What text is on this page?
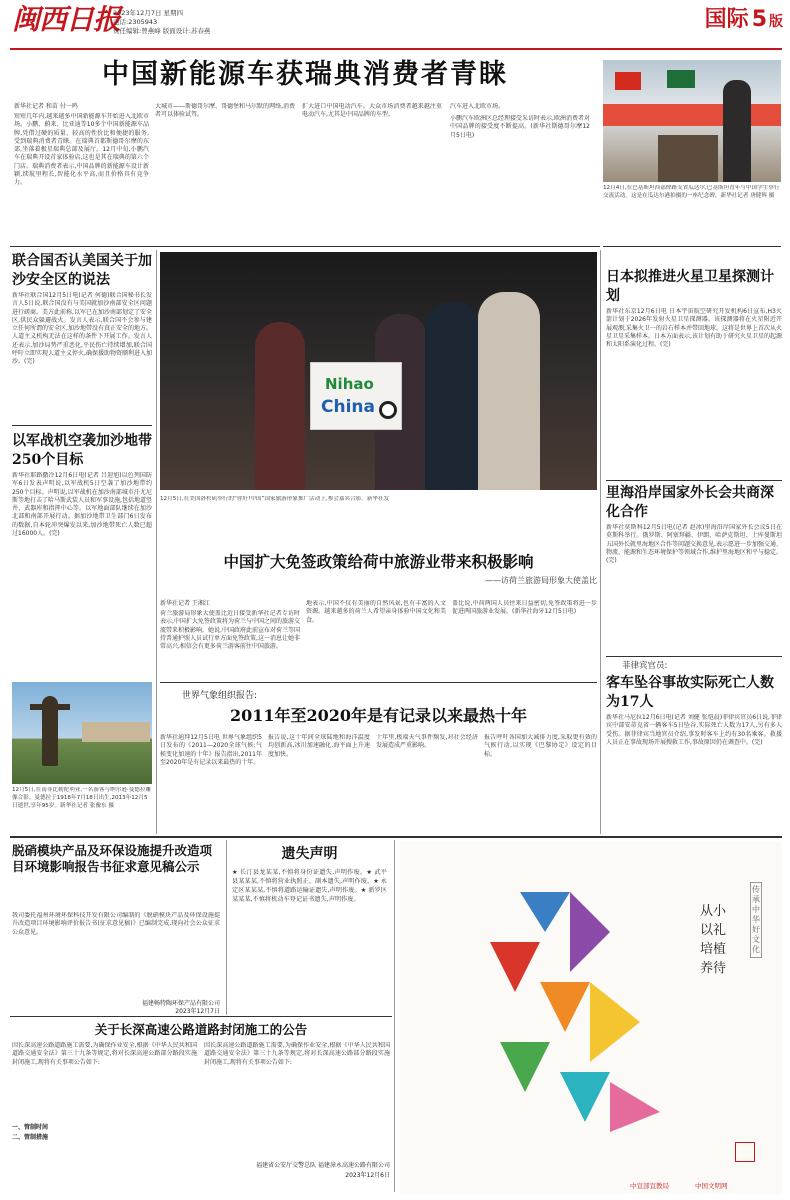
闽西日报
2023年12月7日 星期四
电话:2305943
责任编辑:曾燕峰 版面设计:苏春燕	国际 5 版
中国新能源车获瑞典消费者青睐
新华社记者 和苗 付一鸣
短短几年内,越来越多中国新能源车开始进入北欧市场。小鹏、蔚来、比亚迪等10多个中国新能源车品牌,凭借过硬的质量、较高的性价比和便捷的服务,受到瑞典消费者青睐。在瑞典首都斯德哥尔摩的东郊,坐落着极星瑞典总部及展厅。12月中旬,小鹏汽车在瑞典开设首家体验店,这也是其在瑞典的第六个门店。瑞典消费者表示,中国品牌的新能源车设计新颖,续航里程长,智能化水平高,而且价格具有竞争力。
大城市——斯德哥尔摩、哥德堡和马尔默的网络,消费者可以体验试驾。
扩大进口中国电动汽车。大众市场消费者越来越注重电动汽车,尤其是中国品牌的车型。
汽车进入北欧市场。
小鹏汽车欧洲区总经理接受采访时表示,欧洲消费者对中国品牌的接受度不断提高。(新华社斯德哥尔摩12月5日电)
12月4日,在巴基斯坦西部俾路支省瓜达尔,巴基斯坦青年与中国学生举行交流活动。这是在瓜达尔港拍摄的一座纪念碑。新华社记者 唐健辉 摄
联合国否认美国关于加沙安全区的说法
新华社联合国12月5日电(记者 何德)联合国秘书长发言人5日说,联合国没有与美国就加沙南部安全区问题进行磋商。美方此前称,以军已在加沙南部划定了安全区,供民众躲避战火。发言人表示,联合国不会参与建立任何所谓的安全区,加沙地带没有真正安全的地方。人道主义机构无法在这样的条件下开展工作。发言人还表示,加沙局势严重恶化,平民伤亡持续增加,联合国呼吁立即实现人道主义停火,确保援助物资顺利进入加沙。(完)
以军战机空袭加沙地带250个目标
新华社耶路撒冷12月6日电(记者 吕迎旭)以色列国防军6日发表声明说,以军战机5日空袭了加沙地带约250个目标。声明说,以军战机在加沙南部城市汗尤尼斯等地打击了哈马斯武装人员和军事设施,包括地道竖井、武器库和指挥中心等。以军地面部队继续在加沙北部和南部开展行动。据加沙地带卫生部门6日发布的数据,自本轮冲突爆发以来,加沙地带死亡人数已超过16000人。(完)
12月5日,在南非比勒陀利亚,一名游客与纳尔逊·曼德拉雕像合影。曼德拉于1918年7月18日出生,2013年12月5日逝世,享年95岁。新华社记者 张豫东 摄
Nihao
China
12月5日,在美国洛杉矶举行的“你好!中国”国家旅游形象推广活动上,参会嘉宾合影。新华社发
中国扩大免签政策给荷中旅游业带来积极影响
——访荷兰旅游局形象大使盖比
新华社记者 王湘江
荷兰旅游局形象大使盖比近日接受新华社记者专访时表示,中国扩大免签政策将为荷兰与中国之间的旅游交流带来积极影响。她说,中国政府此前宣布对荷兰等国持普通护照人员试行单方面免签政策,这一消息让她非常高兴,相信会有更多荷兰游客前往中国旅游。
地表示,中国不仅有美丽的自然风景,也有丰富的人文资源。越来越多的荷兰人希望亲身体验中国文化和美食。
盖比说,中荷两国人员往来日益密切,免签政策将进一步促进两国旅游业发展。(新华社海牙12月5日电)
世界气象组织报告:
2011年至2020年是有记录以来最热十年
新华社迪拜12月5日电 世界气象组织5日发布的《2011—2020全球气候:气候变化加速的十年》报告指出,2011年至2020年是有记录以来最热的十年。
报告说,这十年间全球陆地和海洋温度均创新高,冰川加速融化,海平面上升速度加快。
十年里,极端天气事件频发,对社会经济发展造成严重影响。
报告呼吁各国加大减排力度,采取更有效的气候行动,以实现《巴黎协定》设定的目标。
日本拟推进火星卫星探测计划
新华社东京12月6日电 日本宇宙航空研究开发机构6日宣布,H3火箭计划于2026年发射火星卫星探测器。该探测器将在火星附近开展观测,采集火卫一的岩石样本并带回地球。这将是世界上首次从火星卫星采集样本。日本方面表示,该计划有助于研究火星卫星的起源和太阳系演化过程。(完)
里海沿岸国家外长会共商深化合作
新华社莫斯科12月5日电(记者 赵冰)里海沿岸国家外长会议5日在莫斯科举行。俄罗斯、阿塞拜疆、伊朗、哈萨克斯坦、土库曼斯坦五国外长就里海地区合作等问题交换意见,表示愿进一步加强交通、物流、能源和生态环境保护等领域合作,维护里海地区和平与稳定。(完)
菲律宾官员:
客车坠谷事故实际死亡人数为17人
新华社马尼拉12月6日电(记者 刘健 张恺晨)菲律宾官员6日说,菲律宾中部安蒂克省一辆客车5日坠谷,实际死亡人数为17人,另有多人受伤。据菲律宾当地官员介绍,事发时客车上约有30名乘客。救援人员正在事故现场开展搜救工作,事故原因仍在调查中。(完)
脱硝模块产品及环保设施提升改造项目环境影响报告书征求意见稿公示
我司委托福州环境环保科技开发有限公司编制的《脱硝模块产品及环保设施提升改造项目环境影响评价报告书(征求意见稿)》已编制完成,现向社会公众征求公众意见。
福建畅特陶环保产品有限公司
2023年12月7日
遗失声明
★ 长汀县龙某某,不慎将身份证遗失,声明作废。★ 武平县某某某,不慎将营业执照正、副本遗失,声明作废。★ 永定区某某某,不慎将道路运输证遗失,声明作废。★ 新罗区某某某,不慎将机动车登记证书遗失,声明作废。
关于长深高速公路道路封闭施工的公告
因长深高速公路道路施工需要,为确保作业安全,根据《中华人民共和国道路交通安全法》第三十九条等规定,将对长深高速公路部分路段实施封闭施工,现将有关事项公告如下:
一、管制时间
二、管制措施
因长深高速公路道路施工需要,为确保作业安全,根据《中华人民共和国道路交通安全法》第三十九条等规定,将对长深高速公路部分路段实施封闭施工,现将有关事项公告如下:
福建省公安厅交警总队 福建漳永高速公路有限公司
2023年12月6日
从小
以礼
培植
养待
传承中华好文化
中宣部宣教局	中国文明网
